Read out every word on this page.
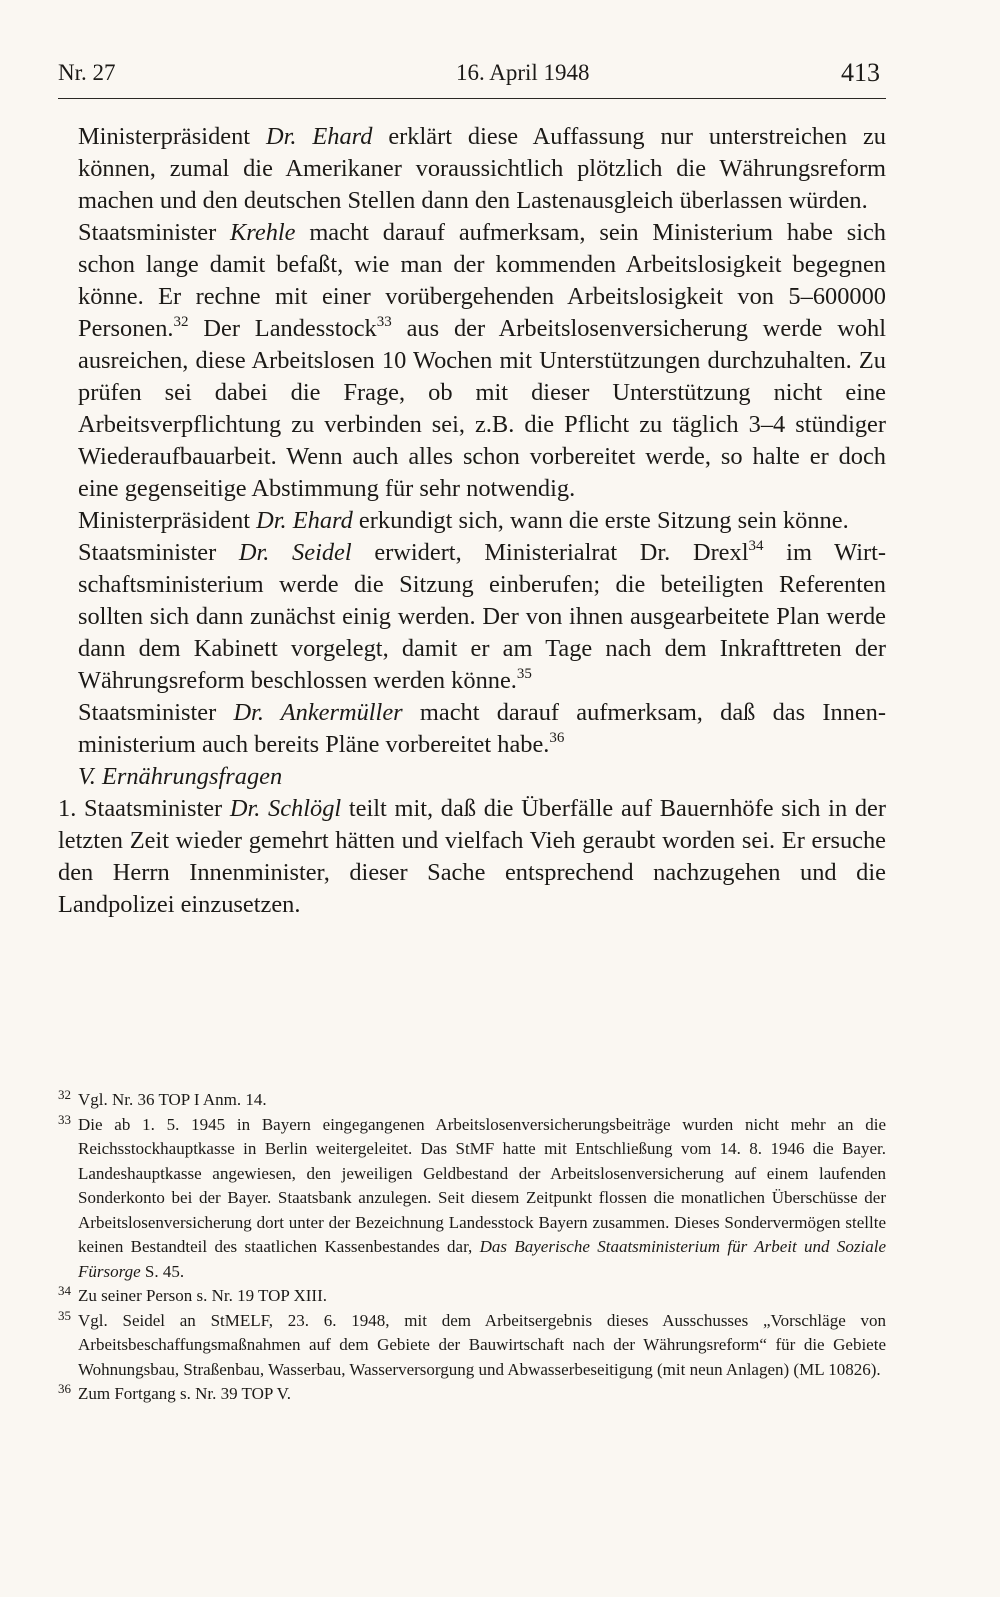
Nr. 27	16. April 1948	413

Ministerpräsident Dr. Ehard erklärt diese Auffassung nur unterstreichen zu können, zumal die Amerikaner voraussichtlich plötzlich die Währungsreform machen und den deutschen Stellen dann den Lastenausgleich überlassen würden.

Staatsminister Krehle macht darauf aufmerksam, sein Ministerium habe sich schon lange damit befaßt, wie man der kommenden Arbeitslosigkeit begegnen könne. Er rechne mit einer vorübergehenden Arbeitslosigkeit von 5–600000 Personen.$^{32}$ Der Landesstock$^{33}$ aus der Arbeitslosenversicherung werde wohl ausreichen, diese Arbeitslosen 10 Wochen mit Unterstützungen durchzuhalten. Zu prüfen sei dabei die Frage, ob mit dieser Unterstützung nicht eine Arbeitsverpflichtung zu verbinden sei, z.B. die Pflicht zu täglich 3–4 stündiger Wiederaufbauarbeit. Wenn auch alles schon vorbereitet werde, so halte er doch eine gegenseitige Abstimmung für sehr notwendig.

Ministerpräsident Dr. Ehard erkundigt sich, wann die erste Sitzung sein könne.

Staatsminister Dr. Seidel erwidert, Ministerialrat Dr. Drexl$^{34}$ im Wirtschaftsministerium werde die Sitzung einberufen; die beteiligten Referenten sollten sich dann zunächst einig werden. Der von ihnen ausgearbeitete Plan werde dann dem Kabinett vorgelegt, damit er am Tage nach dem Inkrafttreten der Währungsreform beschlossen werden könne.$^{35}$

Staatsminister Dr. Ankermüller macht darauf aufmerksam, daß das Innenministerium auch bereits Pläne vorbereitet habe.$^{36}$

V. Ernährungsfragen

1. Staatsminister Dr. Schlögl teilt mit, daß die Überfälle auf Bauernhöfe sich in der letzten Zeit wieder gemehrt hätten und vielfach Vieh geraubt worden sei. Er ersuche den Herrn Innenminister, dieser Sache entsprechend nachzugehen und die Landpolizei einzusetzen.

32 Vgl. Nr. 36 TOP I Anm. 14.

33 Die ab 1. 5. 1945 in Bayern eingegangenen Arbeitslosenversicherungsbeiträge wurden nicht mehr an die Reichsstockhauptkasse in Berlin weitergeleitet. Das StMF hatte mit Entschließung vom 14. 8. 1946 die Bayer. Landeshauptkasse angewiesen, den jeweiligen Geldbestand der Arbeitslosenversicherung auf einem laufenden Sonderkonto bei der Bayer. Staatsbank anzulegen. Seit diesem Zeitpunkt flossen die monatlichen Überschüsse der Arbeitslosenversicherung dort unter der Bezeichnung Landesstock Bayern zusammen. Dieses Sondervermögen stellte keinen Bestandteil des staatlichen Kassenbestandes dar, Das Bayerische Staatsministerium für Arbeit und Soziale Fürsorge S. 45.

34 Zu seiner Person s. Nr. 19 TOP XIII.

35 Vgl. Seidel an StMELF, 23. 6. 1948, mit dem Arbeitsergebnis dieses Ausschusses „Vorschläge von Arbeitsbeschaffungsmaßnahmen auf dem Gebiete der Bauwirtschaft nach der Währungsreform“ für die Gebiete Wohnungsbau, Straßenbau, Wasserbau, Wasserversorgung und Abwasserbeseitigung (mit neun Anlagen) (ML 10826).

36 Zum Fortgang s. Nr. 39 TOP V.
